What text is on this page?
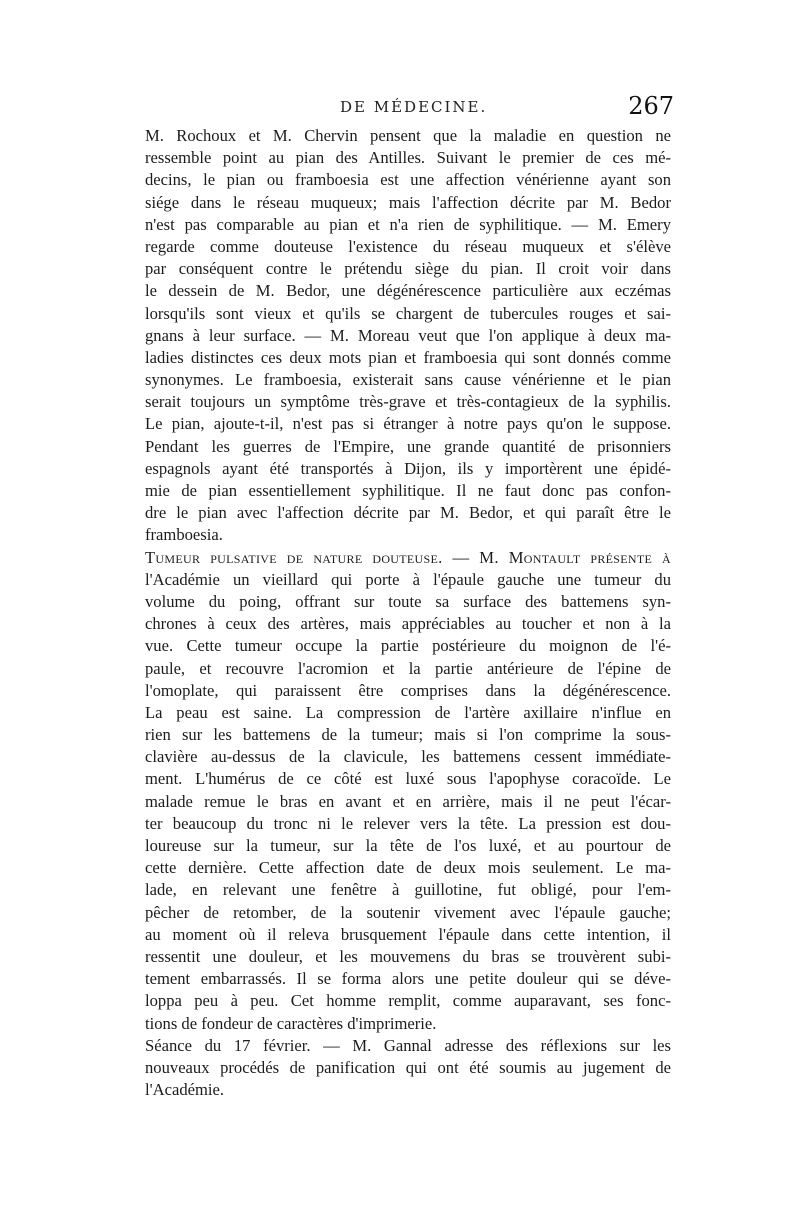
DE MÉDECINE.	267
M. Rochoux et M. Chervin pensent que la maladie en question ne
ressemble point au pian des Antilles. Suivant le premier de ces mé-
decins, le pian ou framboesia est une affection vénérienne ayant son
siége dans le réseau muqueux; mais l'affection décrite par M. Bedor
n'est pas comparable au pian et n'a rien de syphilitique. — M. Emery
regarde comme douteuse l'existence du réseau muqueux et s'élève
par conséquent contre le prétendu siège du pian. Il croit voir dans
le dessein de M. Bedor, une dégénérescence particulière aux eczémas
lorsqu'ils sont vieux et qu'ils se chargent de tubercules rouges et sai-
gnans à leur surface. — M. Moreau veut que l'on applique à deux ma-
ladies distinctes ces deux mots pian et framboesia qui sont donnés comme
synonymes. Le framboesia, existerait sans cause vénérienne et le pian
serait toujours un symptôme très-grave et très-contagieux de la syphilis.
Le pian, ajoute-t-il, n'est pas si étranger à notre pays qu'on le suppose.
Pendant les guerres de l'Empire, une grande quantité de prisonniers
espagnols ayant été transportés à Dijon, ils y importèrent une épidé-
mie de pian essentiellement syphilitique. Il ne faut donc pas confon-
dre le pian avec l'affection décrite par M. Bedor, et qui paraît être le
framboesia.
Tumeur pulsative de nature douteuse. — M. Montault présente à
l'Académie un vieillard qui porte à l'épaule gauche une tumeur du
volume du poing, offrant sur toute sa surface des battemens syn-
chrones à ceux des artères, mais appréciables au toucher et non à la
vue. Cette tumeur occupe la partie postérieure du moignon de l'é-
paule, et recouvre l'acromion et la partie antérieure de l'épine de
l'omoplate, qui paraissent être comprises dans la dégénérescence.
La peau est saine. La compression de l'artère axillaire n'influe en
rien sur les battemens de la tumeur; mais si l'on comprime la sous-
clavière au-dessus de la clavicule, les battemens cessent immédiate-
ment. L'humérus de ce côté est luxé sous l'apophyse coracoïde. Le
malade remue le bras en avant et en arrière, mais il ne peut l'écar-
ter beaucoup du tronc ni le relever vers la tête. La pression est dou-
loureuse sur la tumeur, sur la tête de l'os luxé, et au pourtour de
cette dernière. Cette affection date de deux mois seulement. Le ma-
lade, en relevant une fenêtre à guillotine, fut obligé, pour l'em-
pêcher de retomber, de la soutenir vivement avec l'épaule gauche;
au moment où il releva brusquement l'épaule dans cette intention, il
ressentit une douleur, et les mouvemens du bras se trouvèrent subi-
tement embarrassés. Il se forma alors une petite douleur qui se déve-
loppa peu à peu. Cet homme remplit, comme auparavant, ses fonc-
tions de fondeur de caractères d'imprimerie.
Séance du 17 février. — M. Gannal adresse des réflexions sur les
nouveaux procédés de panification qui ont été soumis au jugement de
l'Académie.
